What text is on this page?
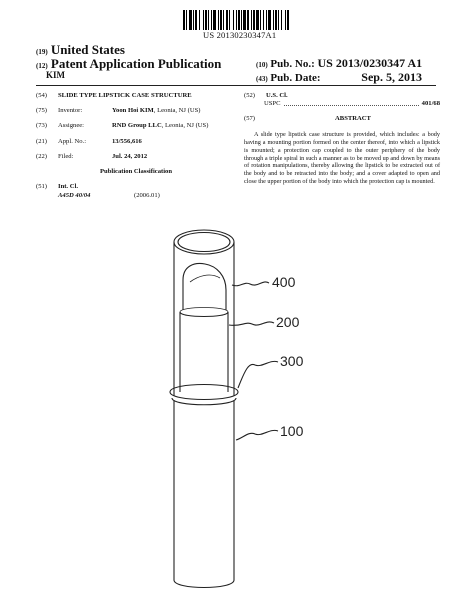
US 20130230347A1
(19) United States
(12) Patent Application Publication
KIM
(10) Pub. No.: US 2013/0230347 A1
(43) Pub. Date:	Sep. 5, 2013
(54)	SLIDE TYPE LIPSTICK CASE STRUCTURE
(75)	Inventor:	Yoon Hoi KIM, Leonia, NJ (US)
(73)	Assignee:	RND Group LLC, Leonia, NJ (US)
(21)	Appl. No.:	13/556,616
(22)	Filed:	Jul. 24, 2012
Publication Classification
(51)	Int. Cl.
A45D 40/04	(2006.01)
(52)	U.S. Cl.
USPC	401/68
(57)	ABSTRACT

A slide type lipstick case structure is provided, which includes: a body having a mounting portion formed on the center thereof, into which a lipstick is mounted; a protection cap coupled to the outer periphery of the body through a triple spiral in such a manner as to be moved up and down by means of rotation manipulations, thereby allowing the lipstick to be extracted out of the body and to be retracted into the body; and a cover adapted to open and close the upper portion of the body into which the protection cap is mounted.

400
200
300
100
